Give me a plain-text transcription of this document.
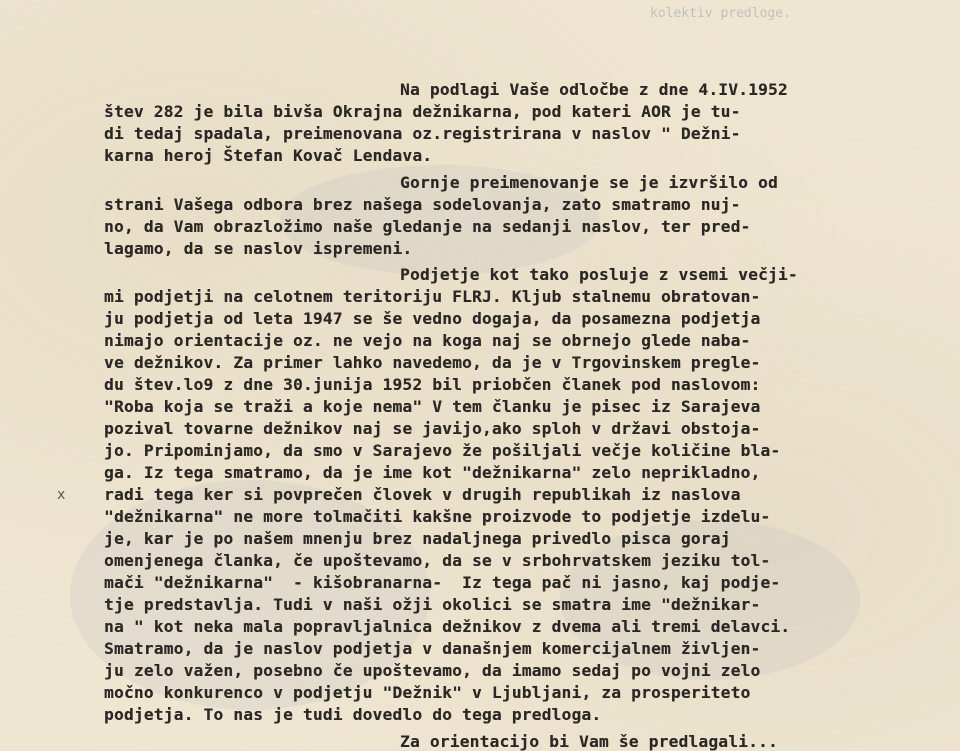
kolektiv predloge.
x
Na podlagi Vaše odločbe z dne 4.IV.1952
štev 282 je bila bivša Okrajna dežnikarna, pod kateri AOR je tu-
di tedaj spadala, preimenovana oz.registrirana v naslov " Dežni-
karna heroj Štefan Kovač Lendava.
Gornje preimenovanje se je izvršilo od
strani Vašega odbora brez našega sodelovanja, zato smatramo nuj-
no, da Vam obrazložimo naše gledanje na sedanji naslov, ter pred-
lagamo, da se naslov ispremeni.
Podjetje kot tako posluje z vsemi večji-
mi podjetji na celotnem teritoriju FLRJ. Kljub stalnemu obratovan-
ju podjetja od leta 1947 se še vedno dogaja, da posamezna podjetja
nimajo orientacije oz. ne vejo na koga naj se obrnejo glede naba-
ve dežnikov. Za primer lahko navedemo, da je v Trgovinskem pregle-
du štev.lo9 z dne 30.junija 1952 bil priobčen članek pod naslovom:
"Roba koja se traži a koje nema" V tem članku je pisec iz Sarajeva
pozival tovarne dežnikov naj se javijo,ako sploh v državi obstoja-
jo. Pripominjamo, da smo v Sarajevo že pošiljali večje količine bla-
ga. Iz tega smatramo, da je ime kot "dežnikarna" zelo neprikladno,
radi tega ker si povprečen človek v drugih republikah iz naslova
"dežnikarna" ne more tolmačiti kakšne proizvode to podjetje izdelu-
je, kar je po našem mnenju brez nadaljnega privedlo pisca goraj
omenjenega članka, če upoštevamo, da se v srbohrvatskem jeziku tol-
mači "dežnikarna"  - kišobranarna-  Iz tega pač ni jasno, kaj podje-
tje predstavlja. Tudi v naši ožji okolici se smatra ime "dežnikar-
na " kot neka mala popravljalnica dežnikov z dvema ali tremi delavci.
Smatramo, da je naslov podjetja v današnjem komercijalnem življen-
ju zelo važen, posebno če upoštevamo, da imamo sedaj po vojni zelo
močno konkurenco v podjetju "Dežnik" v Ljubljani, za prosperiteto
podjetja. To nas je tudi dovedlo do tega predloga.
Za orientacijo bi Vam še predlagali...
